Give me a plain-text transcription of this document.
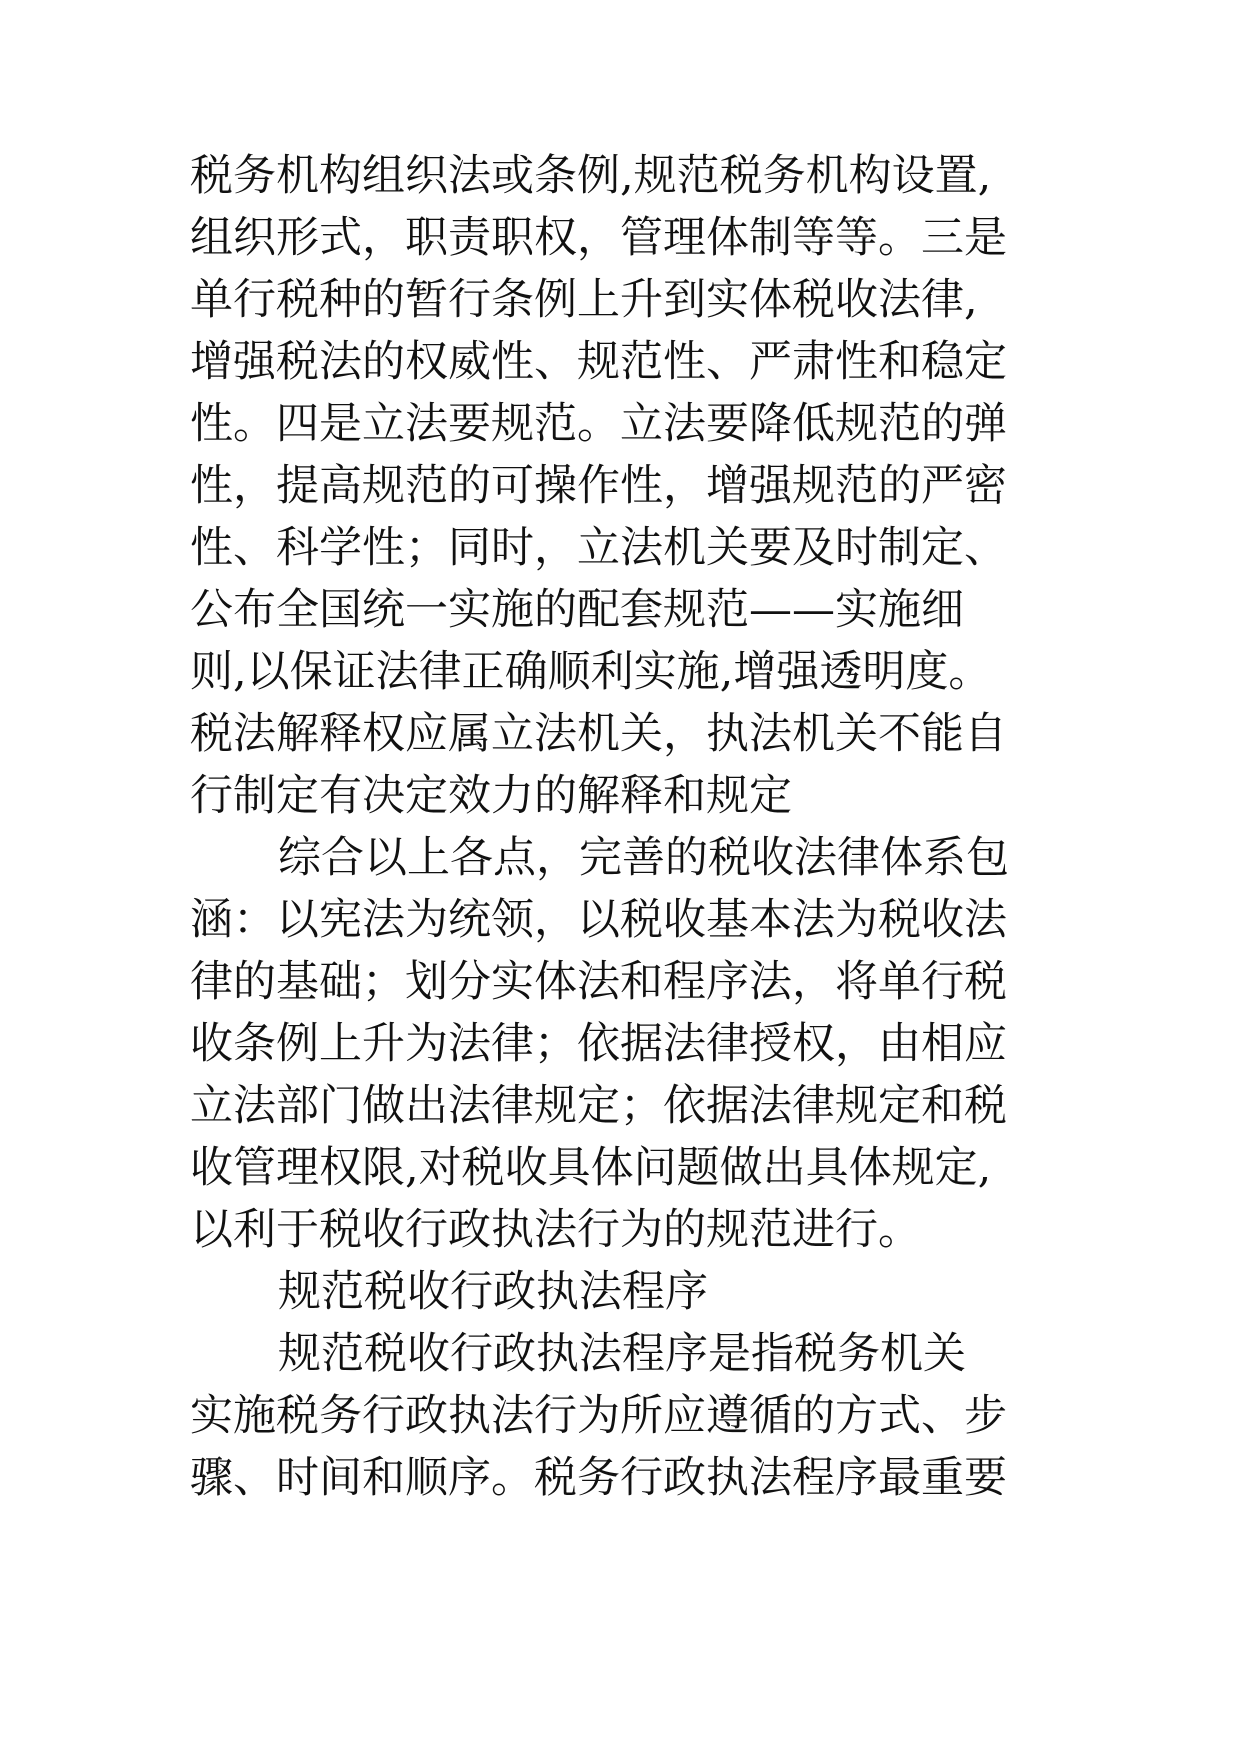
税务机构组织法或条例,规范税务机构设置,
组织形式，职责职权，管理体制等等。三是
单行税种的暂行条例上升到实体税收法律,
增强税法的权威性、规范性、严肃性和稳定
性。四是立法要规范。立法要降低规范的弹
性，提高规范的可操作性，增强规范的严密
性、科学性；同时，立法机关要及时制定、
公布全国统一实施的配套规范——实施细
则,以保证法律正确顺利实施,增强透明度。
税法解释权应属立法机关，执法机关不能自
行制定有决定效力的解释和规定
综合以上各点，完善的税收法律体系包
涵：以宪法为统领，以税收基本法为税收法
律的基础；划分实体法和程序法，将单行税
收条例上升为法律；依据法律授权，由相应
立法部门做出法律规定；依据法律规定和税
收管理权限,对税收具体问题做出具体规定,
以利于税收行政执法行为的规范进行。
规范税收行政执法程序
规范税收行政执法程序是指税务机关
实施税务行政执法行为所应遵循的方式、步
骤、时间和顺序。税务行政执法程序最重要
